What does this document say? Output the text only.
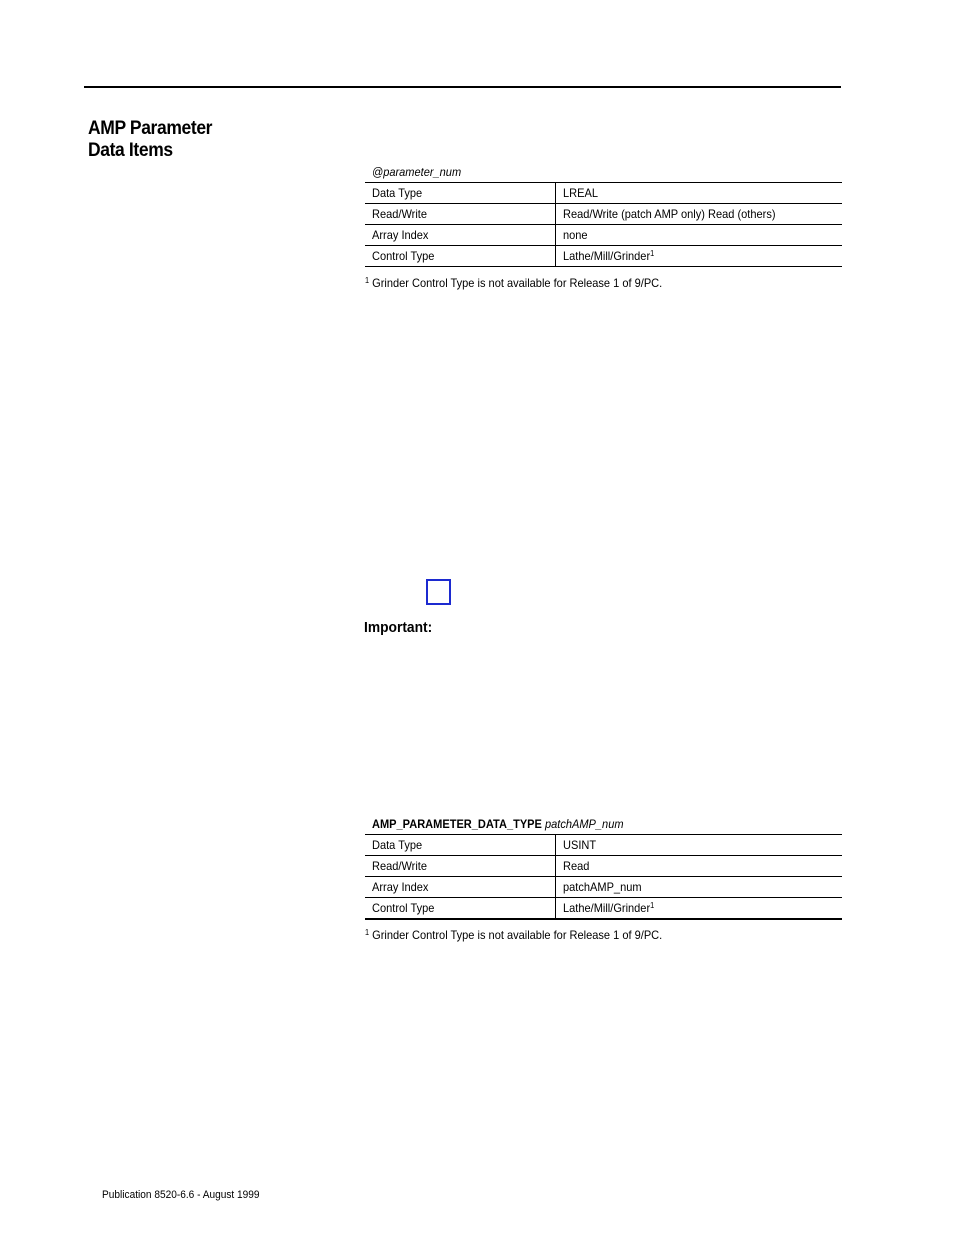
AMP Parameter
Data Items
@parameter_num
Data Type	LREAL
Read/Write	Read/Write (patch AMP only) Read (others)
Array Index	none
Control Type	Lathe/Mill/Grinder$^1$
$^1$ Grinder Control Type is not available for Release 1 of 9/PC.
Important:
AMP_PARAMETER_DATA_TYPE patchAMP_num
Data Type	USINT
Read/Write	Read
Array Index	patchAMP_num
Control Type	Lathe/Mill/Grinder$^1$
$^1$ Grinder Control Type is not available for Release 1 of 9/PC.
Publication 8520-6.6 - August 1999
